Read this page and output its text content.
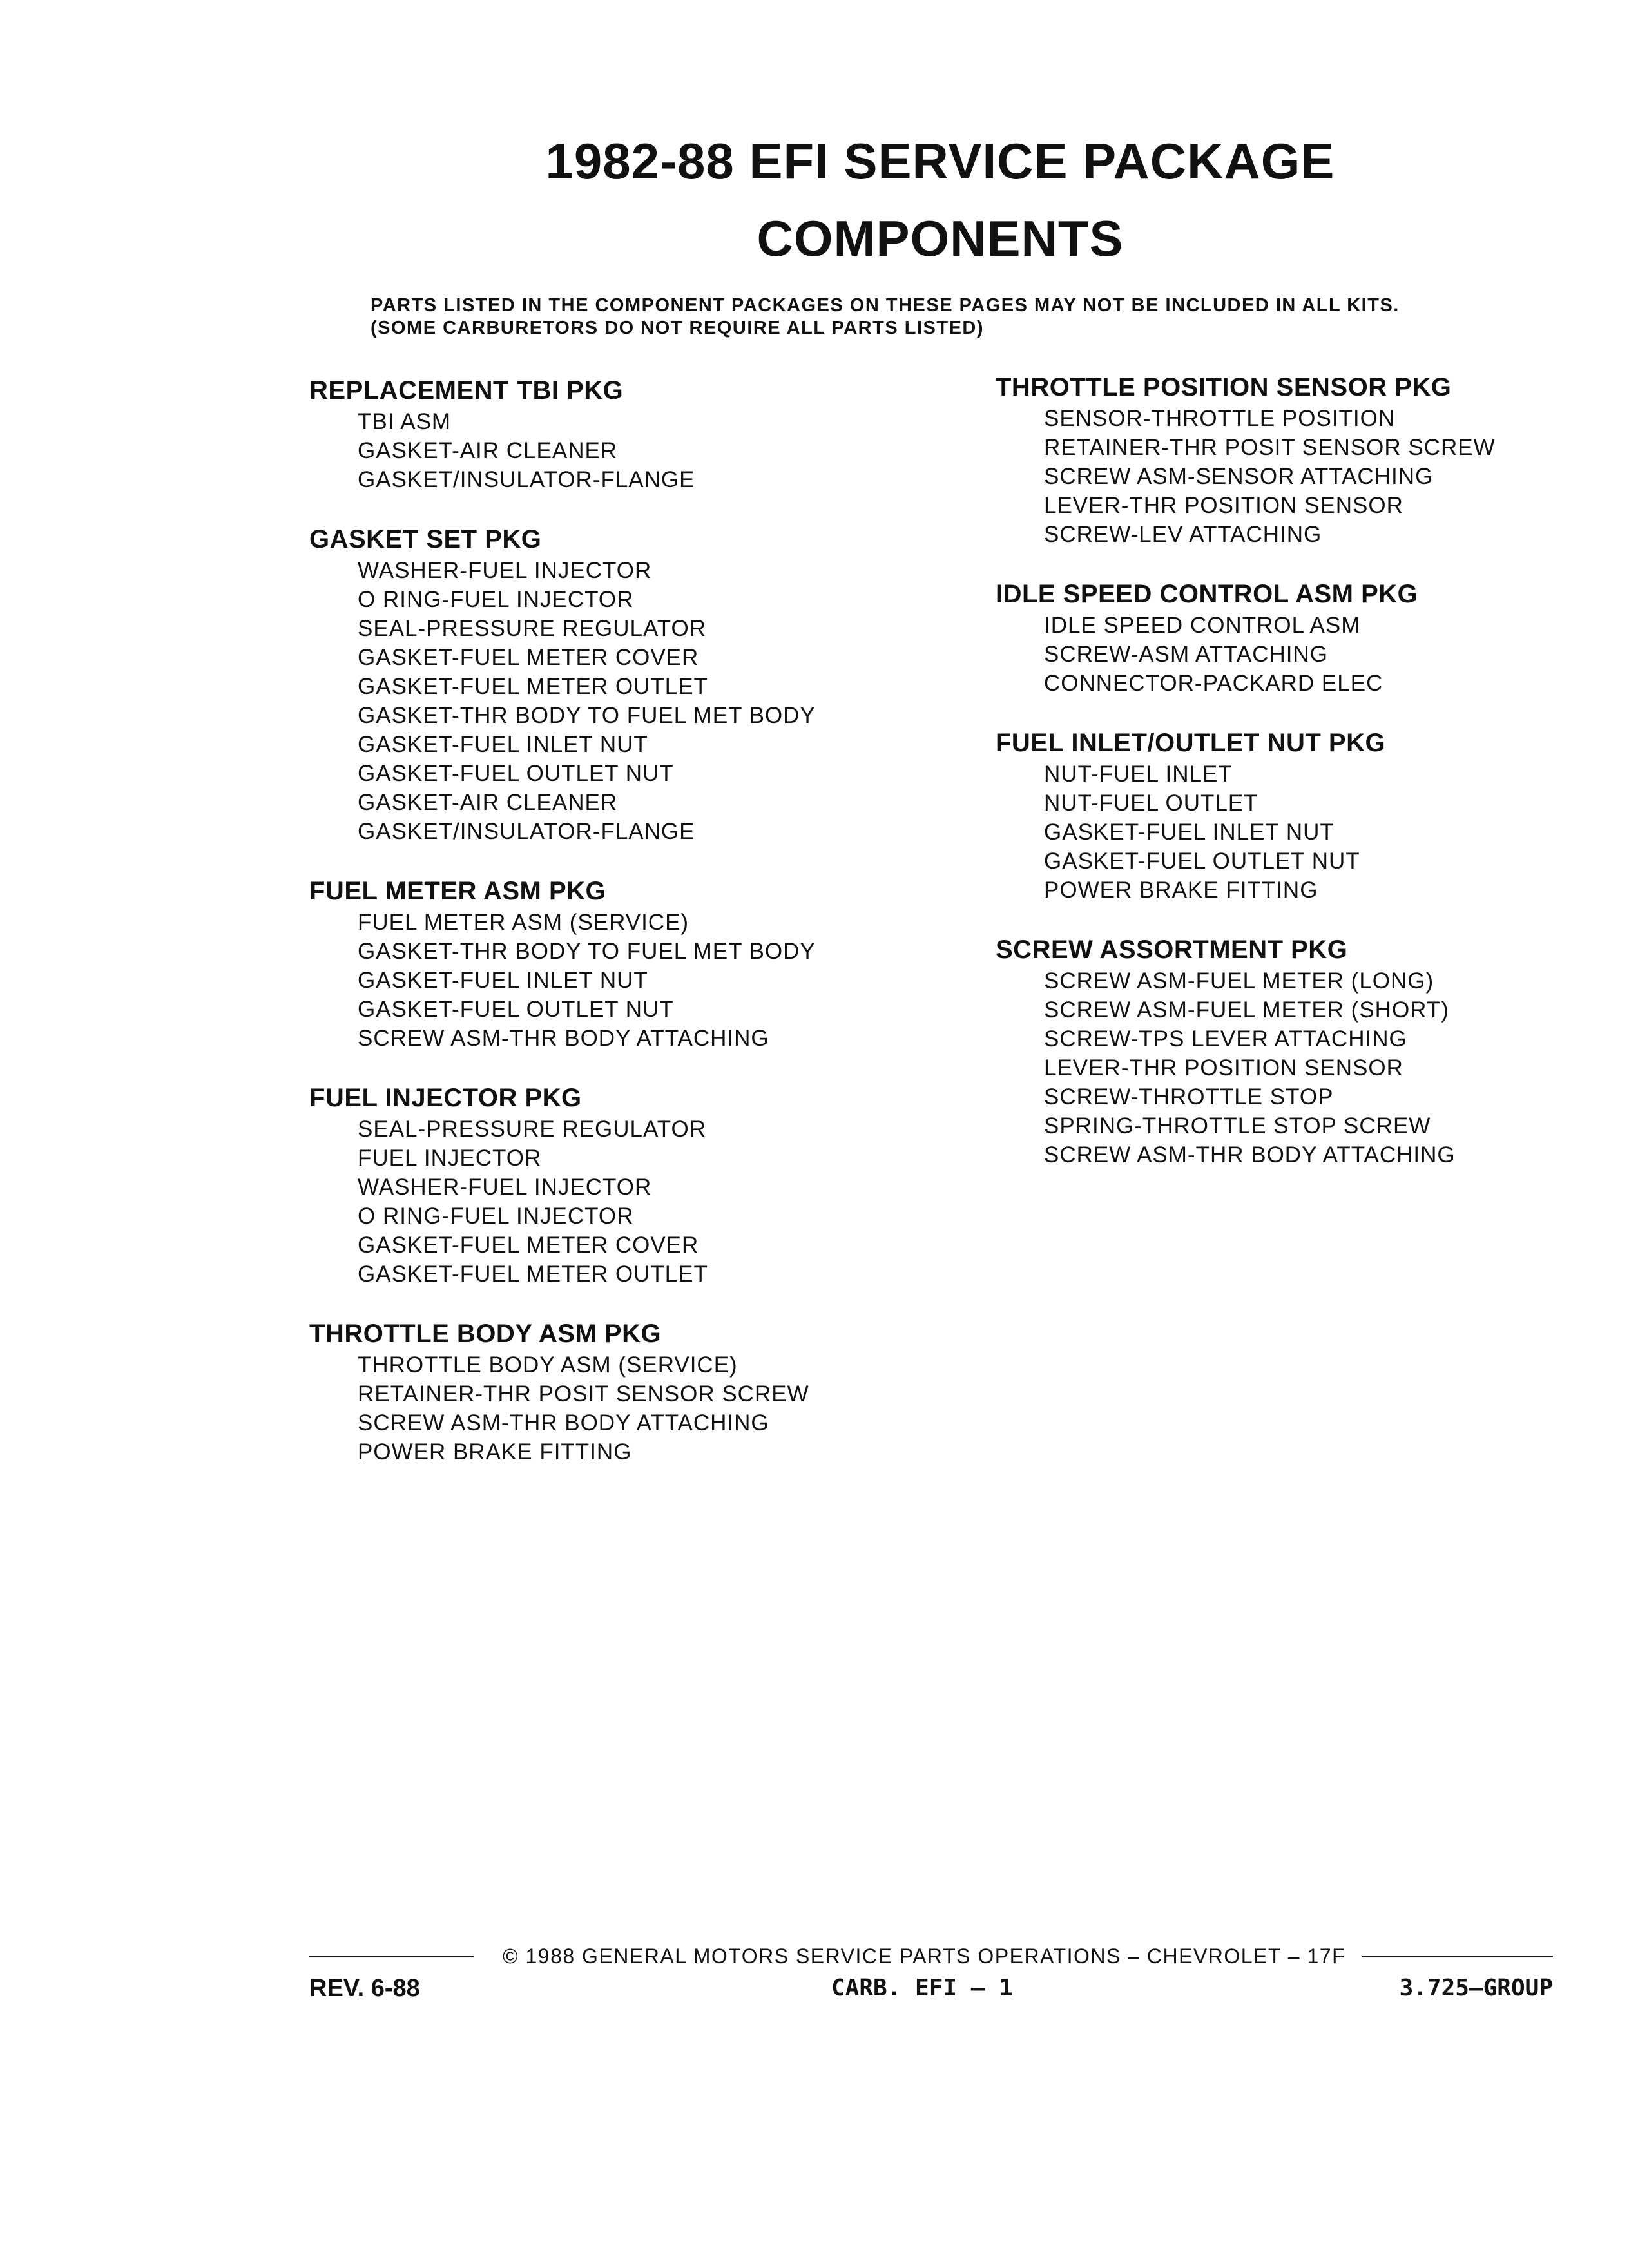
1982-88 EFI SERVICE PACKAGE
COMPONENTS
PARTS LISTED IN THE COMPONENT PACKAGES ON THESE PAGES MAY NOT BE INCLUDED IN ALL KITS.
(SOME CARBURETORS DO NOT REQUIRE ALL PARTS LISTED)
REPLACEMENT TBI PKG
TBI ASM
GASKET-AIR CLEANER
GASKET/INSULATOR-FLANGE
GASKET SET PKG
WASHER-FUEL INJECTOR
O RING-FUEL INJECTOR
SEAL-PRESSURE REGULATOR
GASKET-FUEL METER COVER
GASKET-FUEL METER OUTLET
GASKET-THR BODY TO FUEL MET BODY
GASKET-FUEL INLET NUT
GASKET-FUEL OUTLET NUT
GASKET-AIR CLEANER
GASKET/INSULATOR-FLANGE
FUEL METER ASM PKG
FUEL METER ASM (SERVICE)
GASKET-THR BODY TO FUEL MET BODY
GASKET-FUEL INLET NUT
GASKET-FUEL OUTLET NUT
SCREW ASM-THR BODY ATTACHING
FUEL INJECTOR PKG
SEAL-PRESSURE REGULATOR
FUEL INJECTOR
WASHER-FUEL INJECTOR
O RING-FUEL INJECTOR
GASKET-FUEL METER COVER
GASKET-FUEL METER OUTLET
THROTTLE BODY ASM PKG
THROTTLE BODY ASM (SERVICE)
RETAINER-THR POSIT SENSOR SCREW
SCREW ASM-THR BODY ATTACHING
POWER BRAKE FITTING
THROTTLE POSITION SENSOR PKG
SENSOR-THROTTLE POSITION
RETAINER-THR POSIT SENSOR SCREW
SCREW ASM-SENSOR ATTACHING
LEVER-THR POSITION SENSOR
SCREW-LEV ATTACHING
IDLE SPEED CONTROL ASM PKG
IDLE SPEED CONTROL ASM
SCREW-ASM ATTACHING
CONNECTOR-PACKARD ELEC
FUEL INLET/OUTLET NUT PKG
NUT-FUEL INLET
NUT-FUEL OUTLET
GASKET-FUEL INLET NUT
GASKET-FUEL OUTLET NUT
POWER BRAKE FITTING
SCREW ASSORTMENT PKG
SCREW ASM-FUEL METER (LONG)
SCREW ASM-FUEL METER (SHORT)
SCREW-TPS LEVER ATTACHING
LEVER-THR POSITION SENSOR
SCREW-THROTTLE STOP
SPRING-THROTTLE STOP SCREW
SCREW ASM-THR BODY ATTACHING
© 1988 GENERAL MOTORS SERVICE PARTS OPERATIONS – CHEVROLET – 17F
REV. 6-88	CARB. EFI – 1	3.725–GROUP
